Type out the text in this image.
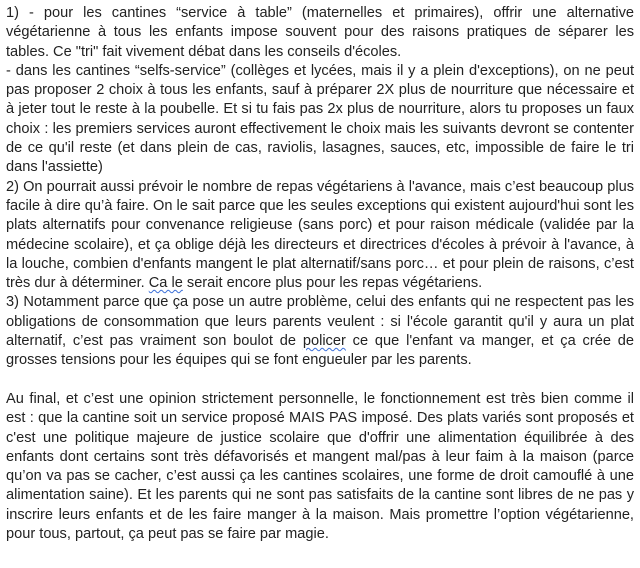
1) - pour les cantines “service à table” (maternelles et primaires), offrir une alternative végétarienne à tous les enfants impose souvent pour des raisons pratiques de séparer les tables. Ce "tri" fait vivement débat dans les conseils d'écoles.

- dans les cantines “selfs-service” (collèges et lycées, mais il y a plein d'exceptions), on ne peut pas proposer 2 choix à tous les enfants, sauf à préparer 2X plus de nourriture que nécessaire et à jeter tout le reste à la poubelle. Et si tu fais pas 2x plus de nourriture, alors tu proposes un faux choix : les premiers services auront effectivement le choix mais les suivants devront se contenter de ce qu'il reste (et dans plein de cas, raviolis, lasagnes, sauces, etc, impossible de faire le tri dans l'assiette)

2) On pourrait aussi prévoir le nombre de repas végétariens à l'avance, mais c’est beaucoup plus facile à dire qu’à faire. On le sait parce que les seules exceptions qui existent aujourd'hui sont les plats alternatifs pour convenance religieuse (sans porc) et pour raison médicale (validée par la médecine scolaire), et ça oblige déjà les directeurs et directrices d'écoles à prévoir à l'avance, à la louche, combien d'enfants mangent le plat alternatif/sans porc… et pour plein de raisons, c’est très dur à déterminer. Ca le serait encore plus pour les repas végétariens.

3) Notamment parce que ça pose un autre problème, celui des enfants qui ne respectent pas les obligations de consommation que leurs parents veulent : si l'école garantit qu'il y aura un plat alternatif, c’est pas vraiment son boulot de policer ce que l'enfant va manger, et ça crée de grosses tensions pour les équipes qui se font engueuler par les parents.

Au final, et c’est une opinion strictement personnelle, le fonctionnement est très bien comme il est : que la cantine soit un service proposé MAIS PAS imposé. Des plats variés sont proposés et c'est une politique majeure de justice scolaire que d'offrir une alimentation équilibrée à des enfants dont certains sont très défavorisés et mangent mal/pas à leur faim à la maison (parce qu’on va pas se cacher, c’est aussi ça les cantines scolaires, une forme de droit camouflé à une alimentation saine). Et les parents qui ne sont pas satisfaits de la cantine sont libres de ne pas y inscrire leurs enfants et de les faire manger à la maison. Mais promettre l’option végétarienne, pour tous, partout, ça peut pas se faire par magie.
